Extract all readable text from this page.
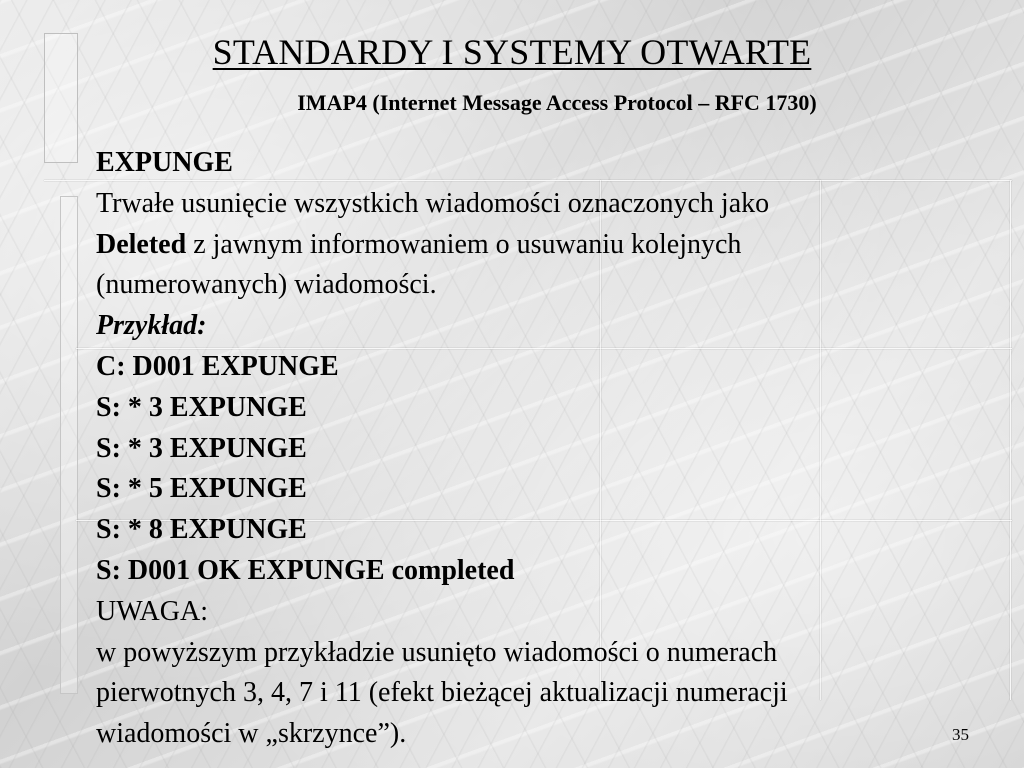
STANDARDY I SYSTEMY OTWARTE
IMAP4 (Internet Message Access Protocol – RFC 1730)

EXPUNGE

Trwałe usunięcie wszystkich wiadomości oznaczonych jako

Deleted z jawnym informowaniem o usuwaniu kolejnych

(numerowanych) wiadomości.

Przykład:

C: D001 EXPUNGE

S: * 3 EXPUNGE

S: * 3 EXPUNGE

S: * 5 EXPUNGE

S: * 8 EXPUNGE

S: D001 OK EXPUNGE completed

UWAGA:

w powyższym przykładzie usunięto wiadomości o numerach

pierwotnych 3, 4, 7 i 11 (efekt bieżącej aktualizacji numeracji

wiadomości w „skrzynce”).	35
